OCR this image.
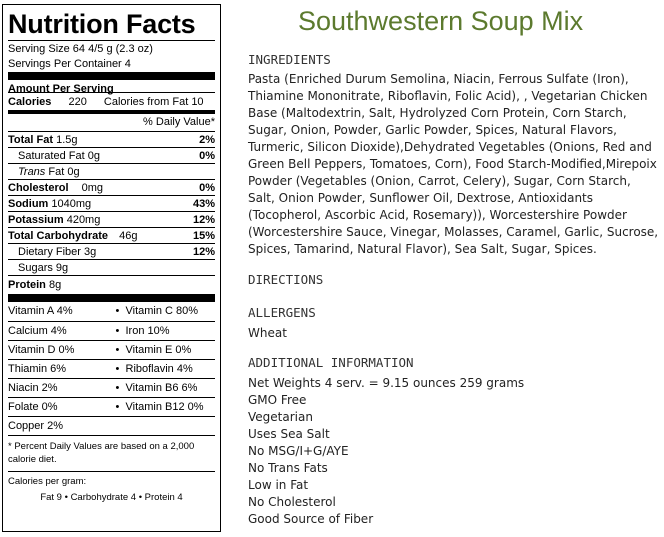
Nutrition Facts
Serving Size 64 4/5 g (2.3 oz)
Servings Per Container 4
Amount Per Serving
Calories 220 Calories from Fat 10
% Daily Value*
Total Fat 1.5g	2%
Saturated Fat 0g	0%
Trans Fat 0g
Cholesterol 0mg	0%
Sodium 1040mg	43%
Potassium 420mg	12%
Total Carbohydrate 46g	15%
Dietary Fiber 3g	12%
Sugars 9g
Protein 8g
Vitamin A 4%	• Vitamin C 80%
Calcium 4%	• Iron 10%
Vitamin D 0%	• Vitamin E 0%
Thiamin 6%	• Riboflavin 4%
Niacin 2%	• Vitamin B6 6%
Folate 0%	• Vitamin B12 0%
Copper 2%
* Percent Daily Values are based on a 2,000 calorie diet.
Calories per gram:
Fat 9 • Carbohydrate 4 • Protein 4
Southwestern Soup Mix
INGREDIENTS
Pasta (Enriched Durum Semolina, Niacin, Ferrous Sulfate (Iron), Thiamine Mononitrate, Riboflavin, Folic Acid), , Vegetarian Chicken Base (Maltodextrin, Salt, Hydrolyzed Corn Protein, Corn Starch, Sugar, Onion, Powder, Garlic Powder, Spices, Natural Flavors, Turmeric, Silicon Dioxide),Dehydrated Vegetables (Onions, Red and Green Bell Peppers, Tomatoes, Corn), Food Starch-Modified,Mirepoix Powder (Vegetables (Onion, Carrot, Celery), Sugar, Corn Starch, Salt, Onion Powder, Sunflower Oil, Dextrose, Antioxidants (Tocopherol, Ascorbic Acid, Rosemary)), Worcestershire Powder (Worcestershire Sauce, Vinegar, Molasses, Caramel, Garlic, Sucrose, Spices, Tamarind, Natural Flavor), Sea Salt, Sugar, Spices.
DIRECTIONS
ALLERGENS
Wheat
ADDITIONAL INFORMATION
Net Weights 4 serv. = 9.15 ounces 259 grams
GMO Free
Vegetarian
Uses Sea Salt
No MSG/I+G/AYE
No Trans Fats
Low in Fat
No Cholesterol
Good Source of Fiber
